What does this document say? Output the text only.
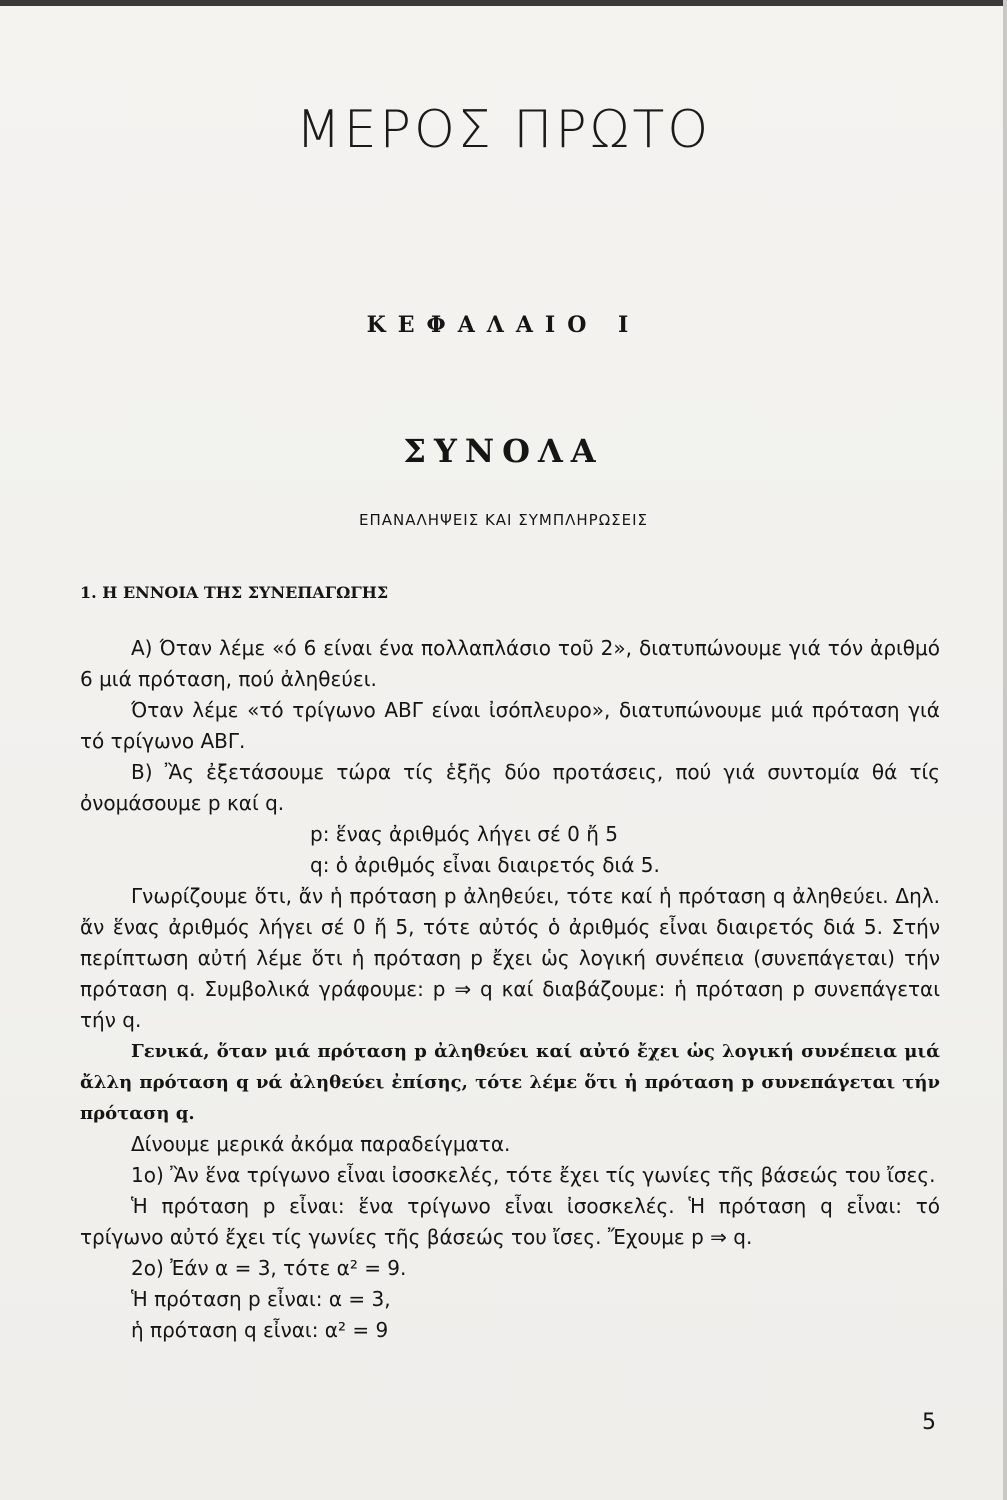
ΜΕΡΟΣ ΠΡΩΤΟ
ΚΕΦΑΛΑΙΟ I
ΣΥΝΟΛΑ
ΕΠΑΝΑΛΗΨΕΙΣ ΚΑΙ ΣΥΜΠΛΗΡΩΣΕΙΣ
1. Η ΕΝΝΟΙΑ ΤΗΣ ΣΥΝΕΠΑΓΩΓΗΣ

Α) Όταν λέμε «ό 6 είναι ένα πολλαπλάσιο τοῦ 2», διατυπώνουμε γιά τόν ἀριθμό 6 μιά πρόταση, πού ἀληθεύει.

Όταν λέμε «τό τρίγωνο ΑΒΓ είναι ἰσόπλευρο», διατυπώνουμε μιά πρόταση γιά τό τρίγωνο ΑΒΓ.

Β) Ἂς ἐξετάσουμε τώρα τίς ἑξῆς δύο προτάσεις, πού γιά συντομία θά τίς ὀνομάσουμε p καί q.

p: ἕνας ἀριθμός λήγει σέ 0 ἤ 5

q: ὁ ἀριθμός εἶναι διαιρετός διά 5.

Γνωρίζουμε ὅτι, ἄν ἡ πρόταση p ἀληθεύει, τότε καί ἡ πρόταση q ἀληθεύει. Δηλ. ἄν ἕνας ἀριθμός λήγει σέ 0 ἤ 5, τότε αὐτός ὁ ἀριθμός εἶναι διαιρετός διά 5. Στήν περίπτωση αὐτή λέμε ὅτι ἡ πρόταση p ἔχει ὡς λογική συνέπεια (συνεπάγεται) τήν πρόταση q. Συμβολικά γράφουμε: p ⇒ q καί διαβάζουμε: ἡ πρόταση p συνεπάγεται τήν q.

Γενικά, ὅταν μιά πρόταση p ἀληθεύει καί αὐτό ἔχει ὡς λογική συνέπεια μιά ἄλλη πρόταση q νά ἀληθεύει ἐπίσης, τότε λέμε ὅτι ἡ πρόταση p συνεπάγεται τήν πρόταση q.

Δίνουμε μερικά ἀκόμα παραδείγματα.

1ο) Ἂν ἕνα τρίγωνο εἶναι ἰσοσκελές, τότε ἔχει τίς γωνίες τῆς βάσεώς του ἴσες.

Ἡ πρόταση p εἶναι: ἕνα τρίγωνο εἶναι ἰσοσκελές. Ἡ πρόταση q εἶναι: τό τρίγωνο αὐτό ἔχει τίς γωνίες τῆς βάσεώς του ἴσες. Ἔχουμε p ⇒ q.

2ο) Ἐάν α = 3, τότε α² = 9.

Ἡ πρόταση p εἶναι: α = 3,

ἡ πρόταση q εἶναι: α² = 9

5
